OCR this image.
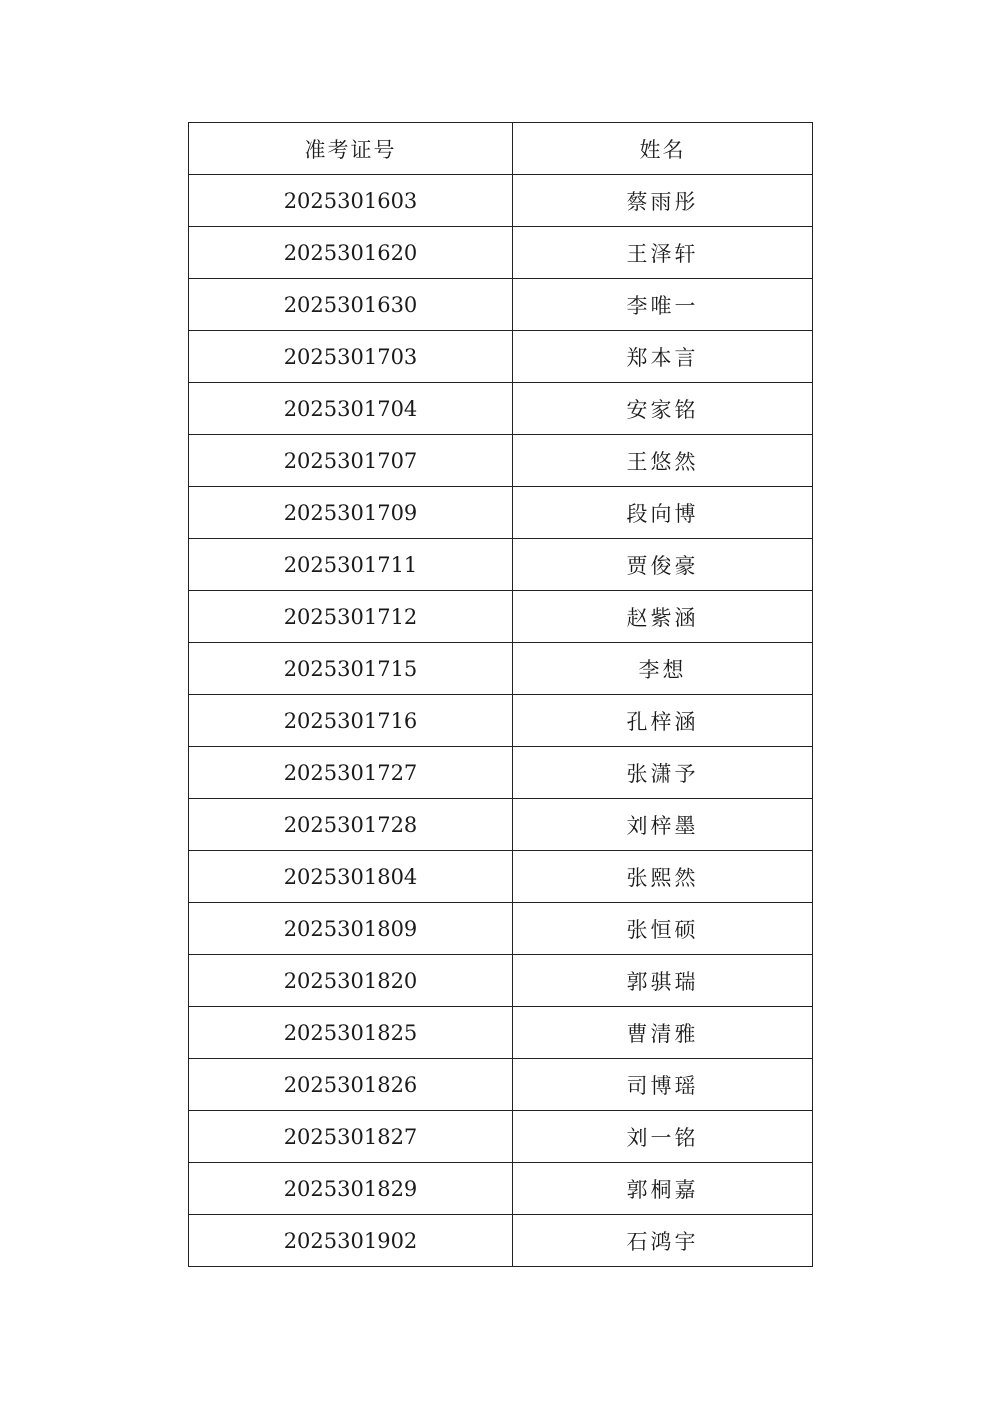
准考证号	姓名
2025301603	蔡雨彤
2025301620	王泽轩
2025301630	李唯一
2025301703	郑本言
2025301704	安家铭
2025301707	王悠然
2025301709	段向博
2025301711	贾俊豪
2025301712	赵紫涵
2025301715	李想
2025301716	孔梓涵
2025301727	张潇予
2025301728	刘梓墨
2025301804	张熙然
2025301809	张恒硕
2025301820	郭骐瑞
2025301825	曹清雅
2025301826	司博瑶
2025301827	刘一铭
2025301829	郭桐嘉
2025301902	石鸿宇
